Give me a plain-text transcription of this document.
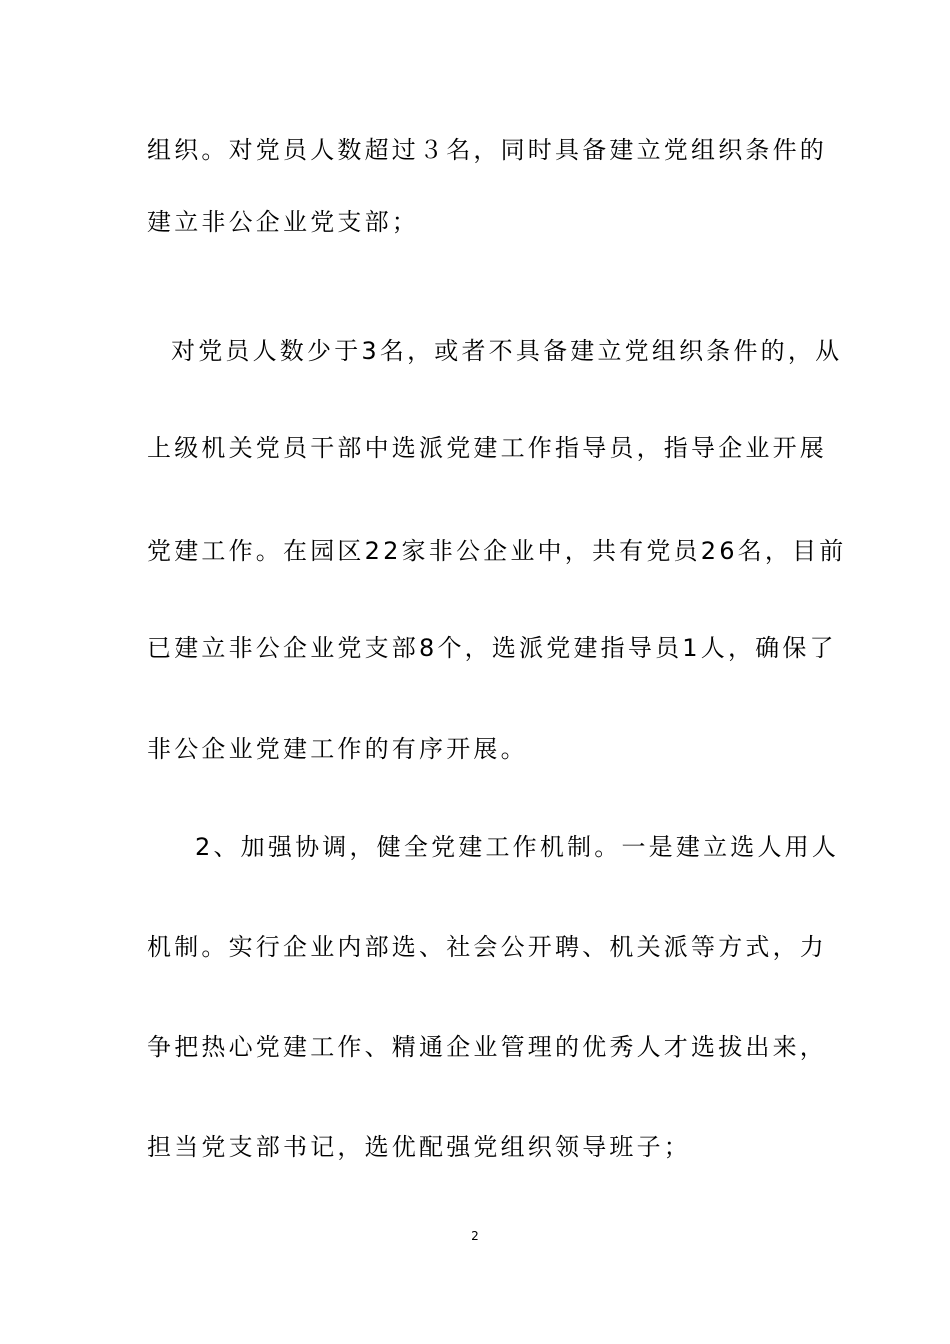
组织。对党员人数超过３名，同时具备建立党组织条件的
建立非公企业党支部；
对党员人数少于3名，或者不具备建立党组织条件的，从
上级机关党员干部中选派党建工作指导员，指导企业开展
党建工作。在园区22家非公企业中，共有党员26名，目前
已建立非公企业党支部8个，选派党建指导员1人，确保了
非公企业党建工作的有序开展。
2、加强协调，健全党建工作机制。一是建立选人用人
机制。实行企业内部选、社会公开聘、机关派等方式，力
争把热心党建工作、精通企业管理的优秀人才选拔出来，
担当党支部书记，选优配强党组织领导班子；
2
